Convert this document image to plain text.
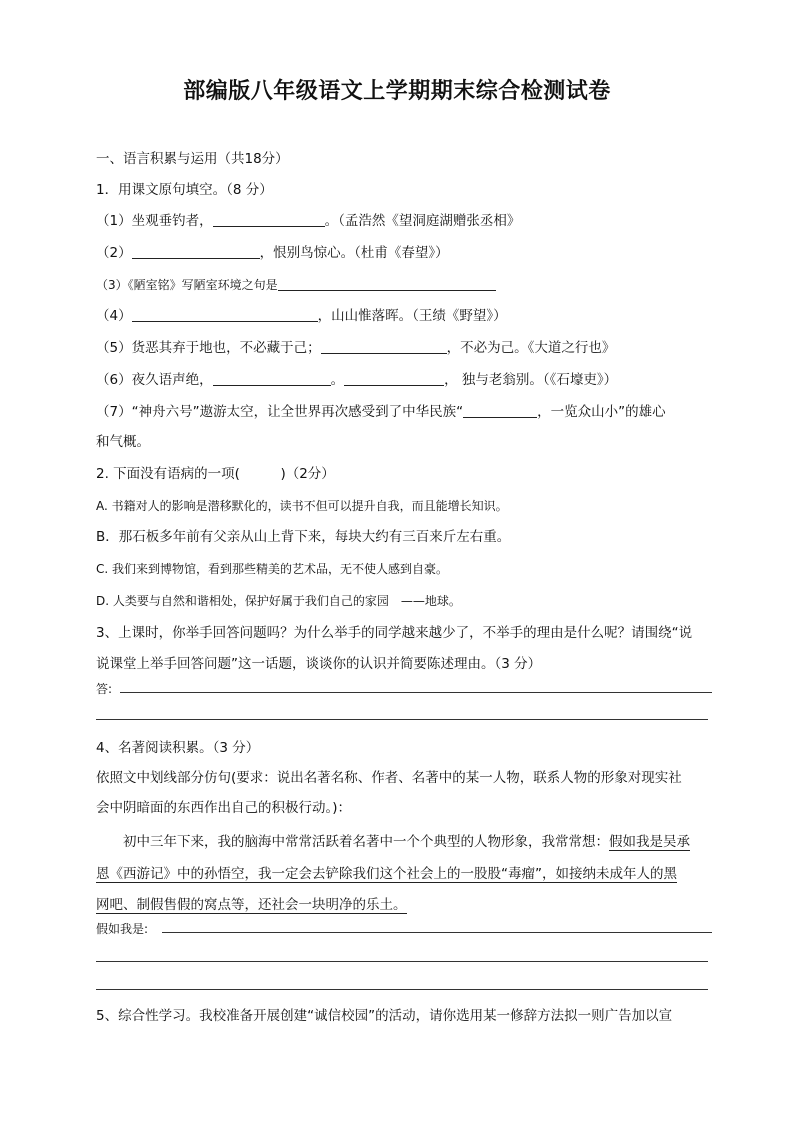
部编版八年级语文上学期期末综合检测试卷
一、语言积累与运用（共18分）
1．用课文原句填空。（8 分）
（1）坐观垂钓者，	。（孟浩然《望洞庭湖赠张丞相》
（2）	，恨别鸟惊心。（杜甫《春望》）
（3）《陋室铭》写陋室环境之句是
（4）	，山山惟落晖。（王绩《野望》）
（5）货恶其弃于地也，不必藏于己；	，不必为己。《大道之行也》
（6）夜久语声绝，	。	， 独与老翁别。（《石壕吏》）
（7）“神舟六号”遨游太空，让全世界再次感受到了中华民族“	，一览众山小”的雄心
和气概。
2. 下面没有语病的一项(　　　)（2分）
A. 书籍对人的影响是潜移默化的，读书不但可以提升自我，而且能增长知识。
B．那石板多年前有父亲从山上背下来，每块大约有三百来斤左右重。
C. 我们来到博物馆，看到那些精美的艺术品，无不使人感到自豪。
D. 人类要与自然和谐相处，保护好属于我们自己的家园　——地球。
3、上课时，你举手回答问题吗？为什么举手的同学越来越少了，不举手的理由是什么呢？请围绕“说
说课堂上举手回答问题”这一话题，谈谈你的认识并简要陈述理由。（3 分）
答:
4、名著阅读积累。（3 分）
依照文中划线部分仿句(要求：说出名著名称、作者、名著中的某一人物，联系人物的形象对现实社
会中阴暗面的东西作出自己的积极行动。)：
初中三年下来，我的脑海中常常活跃着名著中一个个典型的人物形象，我常常想：假如我是吴承
恩《西游记》中的孙悟空，我一定会去铲除我们这个社会上的一股股“毒瘤”，如接纳未成年人的黑
网吧、制假售假的窝点等，还社会一块明净的乐土。
假如我是:
5、综合性学习。我校准备开展创建“诚信校园”的活动，请你选用某一修辞方法拟一则广告加以宣
